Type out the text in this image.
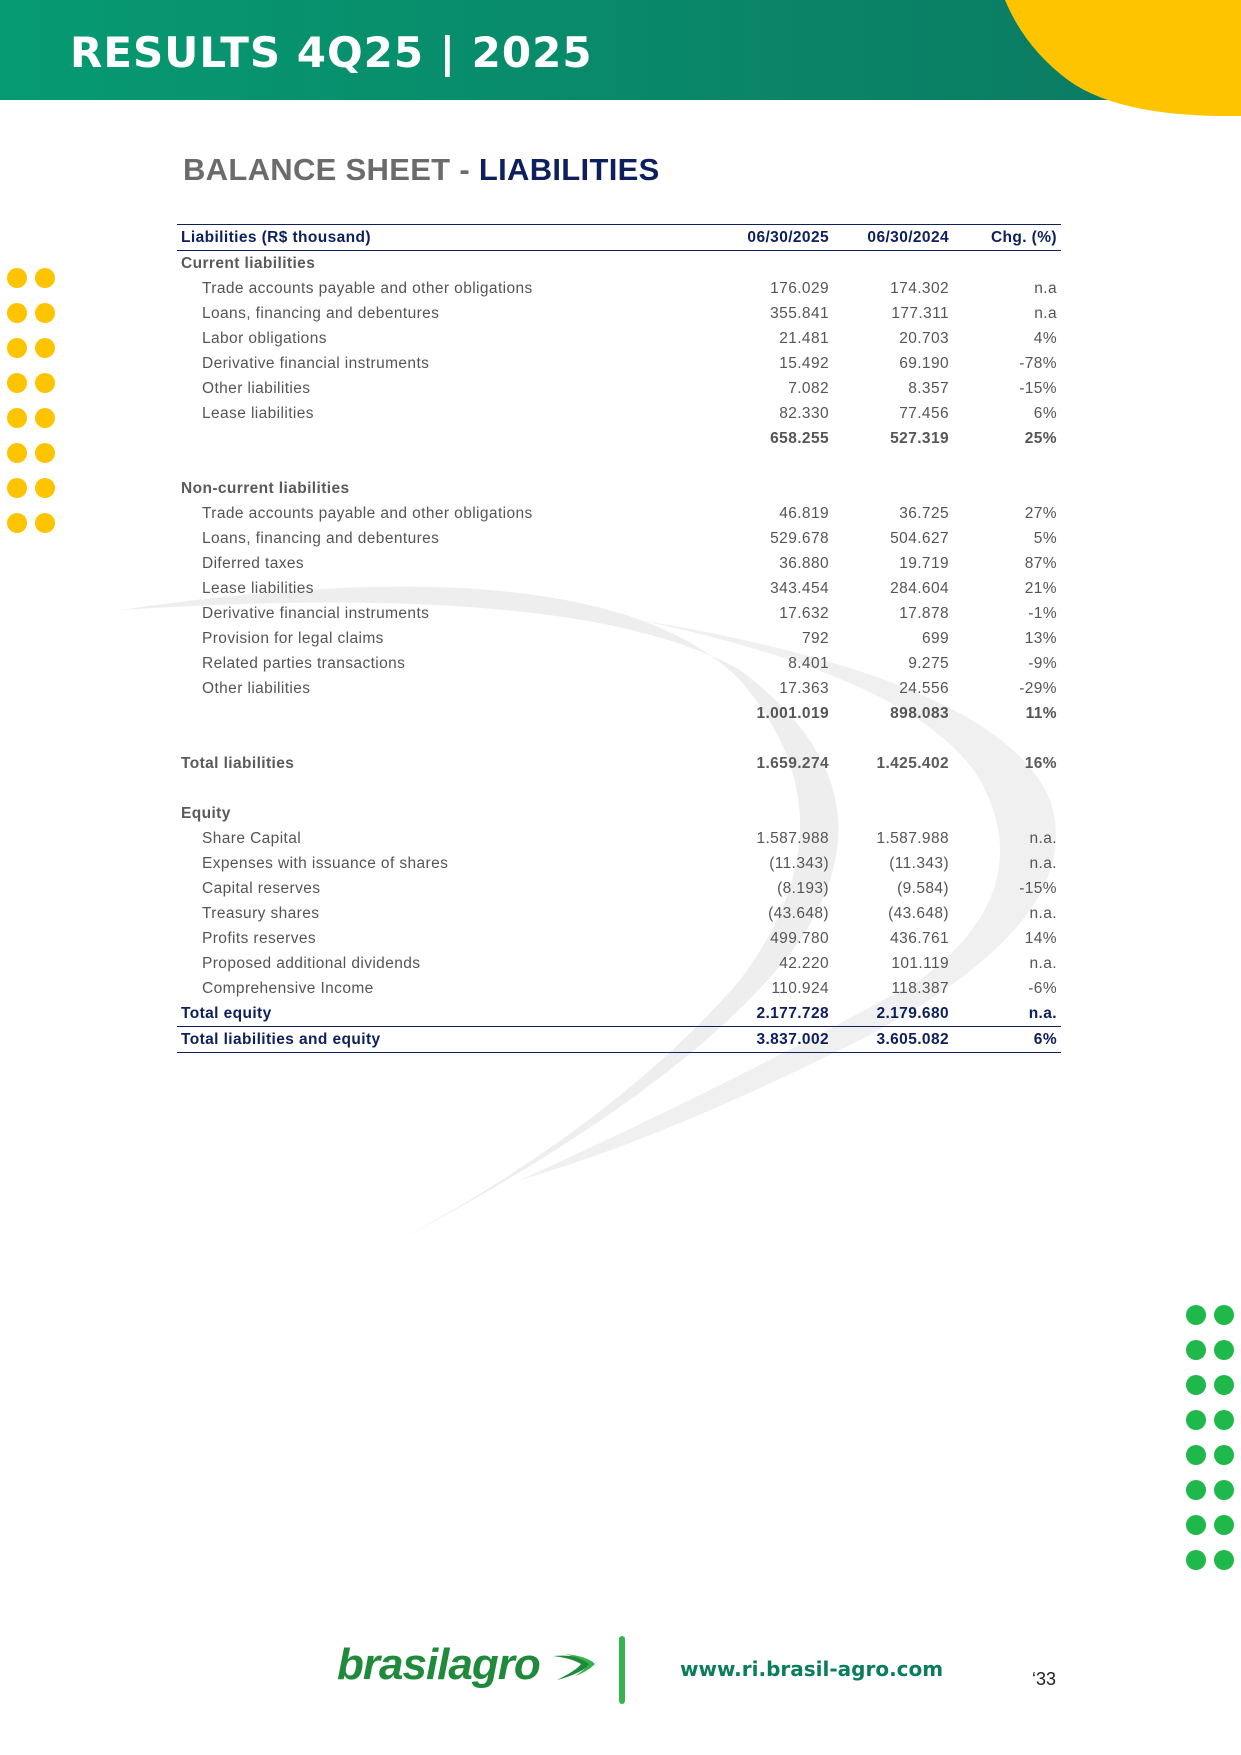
RESULTS 4Q25 | 2025
BALANCE SHEET - LIABILITIES
Liabilities (R$ thousand)	06/30/2025	06/30/2024	Chg. (%)
Current liabilities			
Trade accounts payable and other obligations	176.029	174.302	n.a
Loans, financing and debentures	355.841	177.311	n.a
Labor obligations	21.481	20.703	4%
Derivative financial instruments	15.492	69.190	-78%
Other liabilities	7.082	8.357	-15%
Lease liabilities	82.330	77.456	6%
	658.255	527.319	25%

Non-current liabilities			
Trade accounts payable and other obligations	46.819	36.725	27%
Loans, financing and debentures	529.678	504.627	5%
Diferred taxes	36.880	19.719	87%
Lease liabilities	343.454	284.604	21%
Derivative financial instruments	17.632	17.878	-1%
Provision for legal claims	792	699	13%
Related parties transactions	8.401	9.275	-9%
Other liabilities	17.363	24.556	-29%
	1.001.019	898.083	11%

Total liabilities	1.659.274	1.425.402	16%

Equity			
Share Capital	1.587.988	1.587.988	n.a.
Expenses with issuance of shares	(11.343)	(11.343)	n.a.
Capital reserves	(8.193)	(9.584)	-15%
Treasury shares	(43.648)	(43.648)	n.a.
Profits reserves	499.780	436.761	14%
Proposed additional dividends	42.220	101.119	n.a.
Comprehensive Income	110.924	118.387	-6%
Total equity	2.177.728	2.179.680	n.a.
Total liabilities and equity	3.837.002	3.605.082	6%
brasilagro	www.ri.brasil-agro.com	‘33
